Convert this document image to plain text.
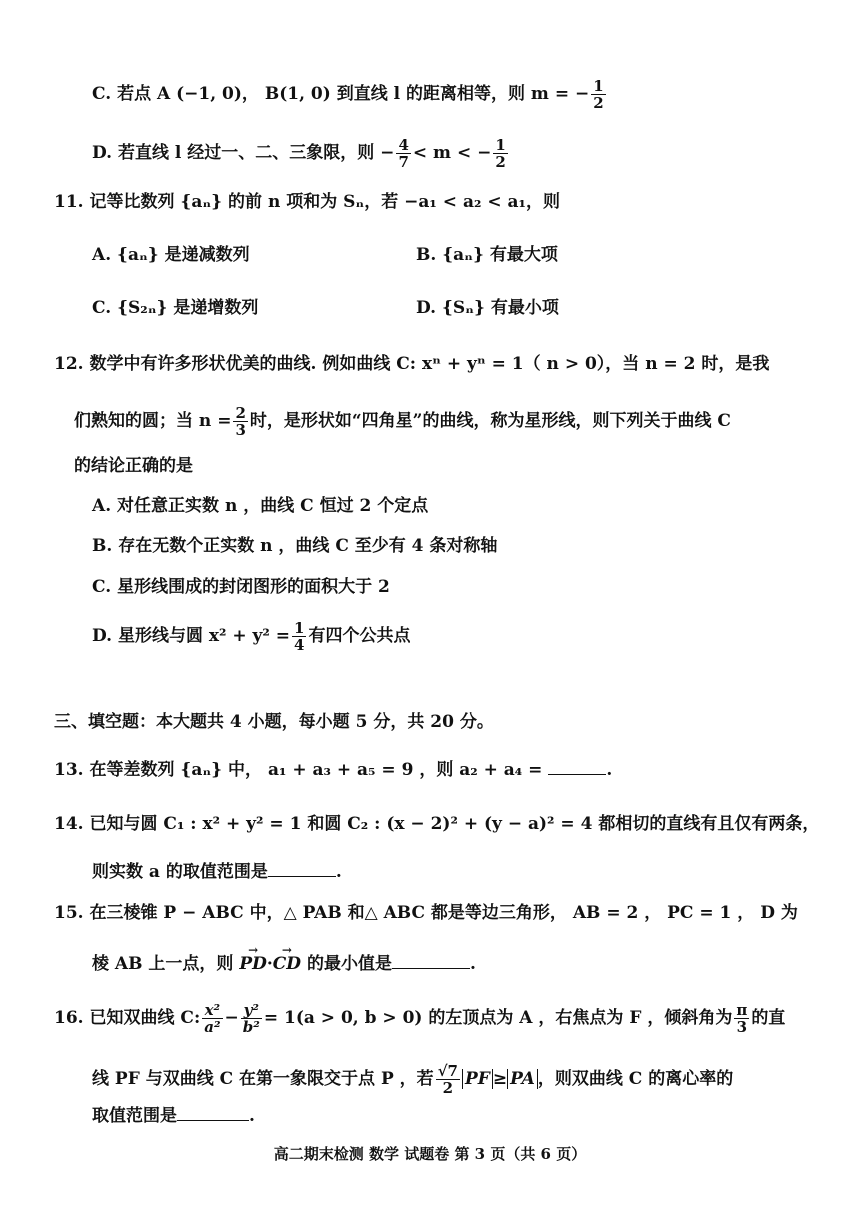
C. 若点 A (−1, 0)， B(1, 0) 到直线 l 的距离相等，则 m = − $\frac{1}{2}$
D. 若直线 l 经过一、二、三象限，则 − $\frac{4}{7} < m$ < − $\frac{1}{2}$
11. 记等比数列 {aₙ} 的前 n 项和为 Sₙ，若 −a₁ < a₂ < a₁，则
A. {aₙ} 是递减数列	B. {aₙ} 有最大项
C. {S₂ₙ} 是递增数列	D. {Sₙ} 有最小项
12. 数学中有许多形状优美的曲线. 例如曲线 C: xⁿ + yⁿ = 1（ n > 0），当 n = 2 时，是我
们熟知的圆；当 $n = \frac{2}{3}$ 时，是形状如“四角星”的曲线，称为星形线，则下列关于曲线 C
的结论正确的是
A. 对任意正实数 n ，曲线 C 恒过 2 个定点
B. 存在无数个正实数 n ，曲线 C 至少有 4 条对称轴
C. 星形线围成的封闭图形的面积大于 2
D. 星形线与圆 $x^2 + y^2 = \frac{1}{4}$ 有四个公共点
三、填空题：本大题共 4 小题，每小题 5 分，共 20 分。
13. 在等差数列 {aₙ} 中， a₁ + a₃ + a₅ = 9 ，则 a₂ + a₄ =	.
14. 已知与圆 C₁ : x² + y² = 1 和圆 C₂ : (x − 2)² + (y − a)² = 4 都相切的直线有且仅有两条，
则实数 a 的取值范围是	.
15. 在三棱锥 P − ABC 中，△ PAB 和△ ABC 都是等边三角形， AB = 2 ， PC = 1 ， D 为
棱 AB 上一点，则 → PD·→ CD 的最小值是	.
16. 已知双曲线 C: $\frac{\text{x²}}{\text{a²}} - \frac{\text{y²}}{\text{b²}} = 1(a > 0$, b > 0) 的左顶点为 A ，右焦点为 F ，倾斜角为 $\frac{\pi}{3}$ 的直
线 PF 与双曲线 C 在第一象限交于点 P ，若 $\frac{√7}{2}$ PF ≥ PA ，则双曲线 C 的离心率的
取值范围是	.
高二期末检测 数学 试题卷 第 3 页（共 6 页）
